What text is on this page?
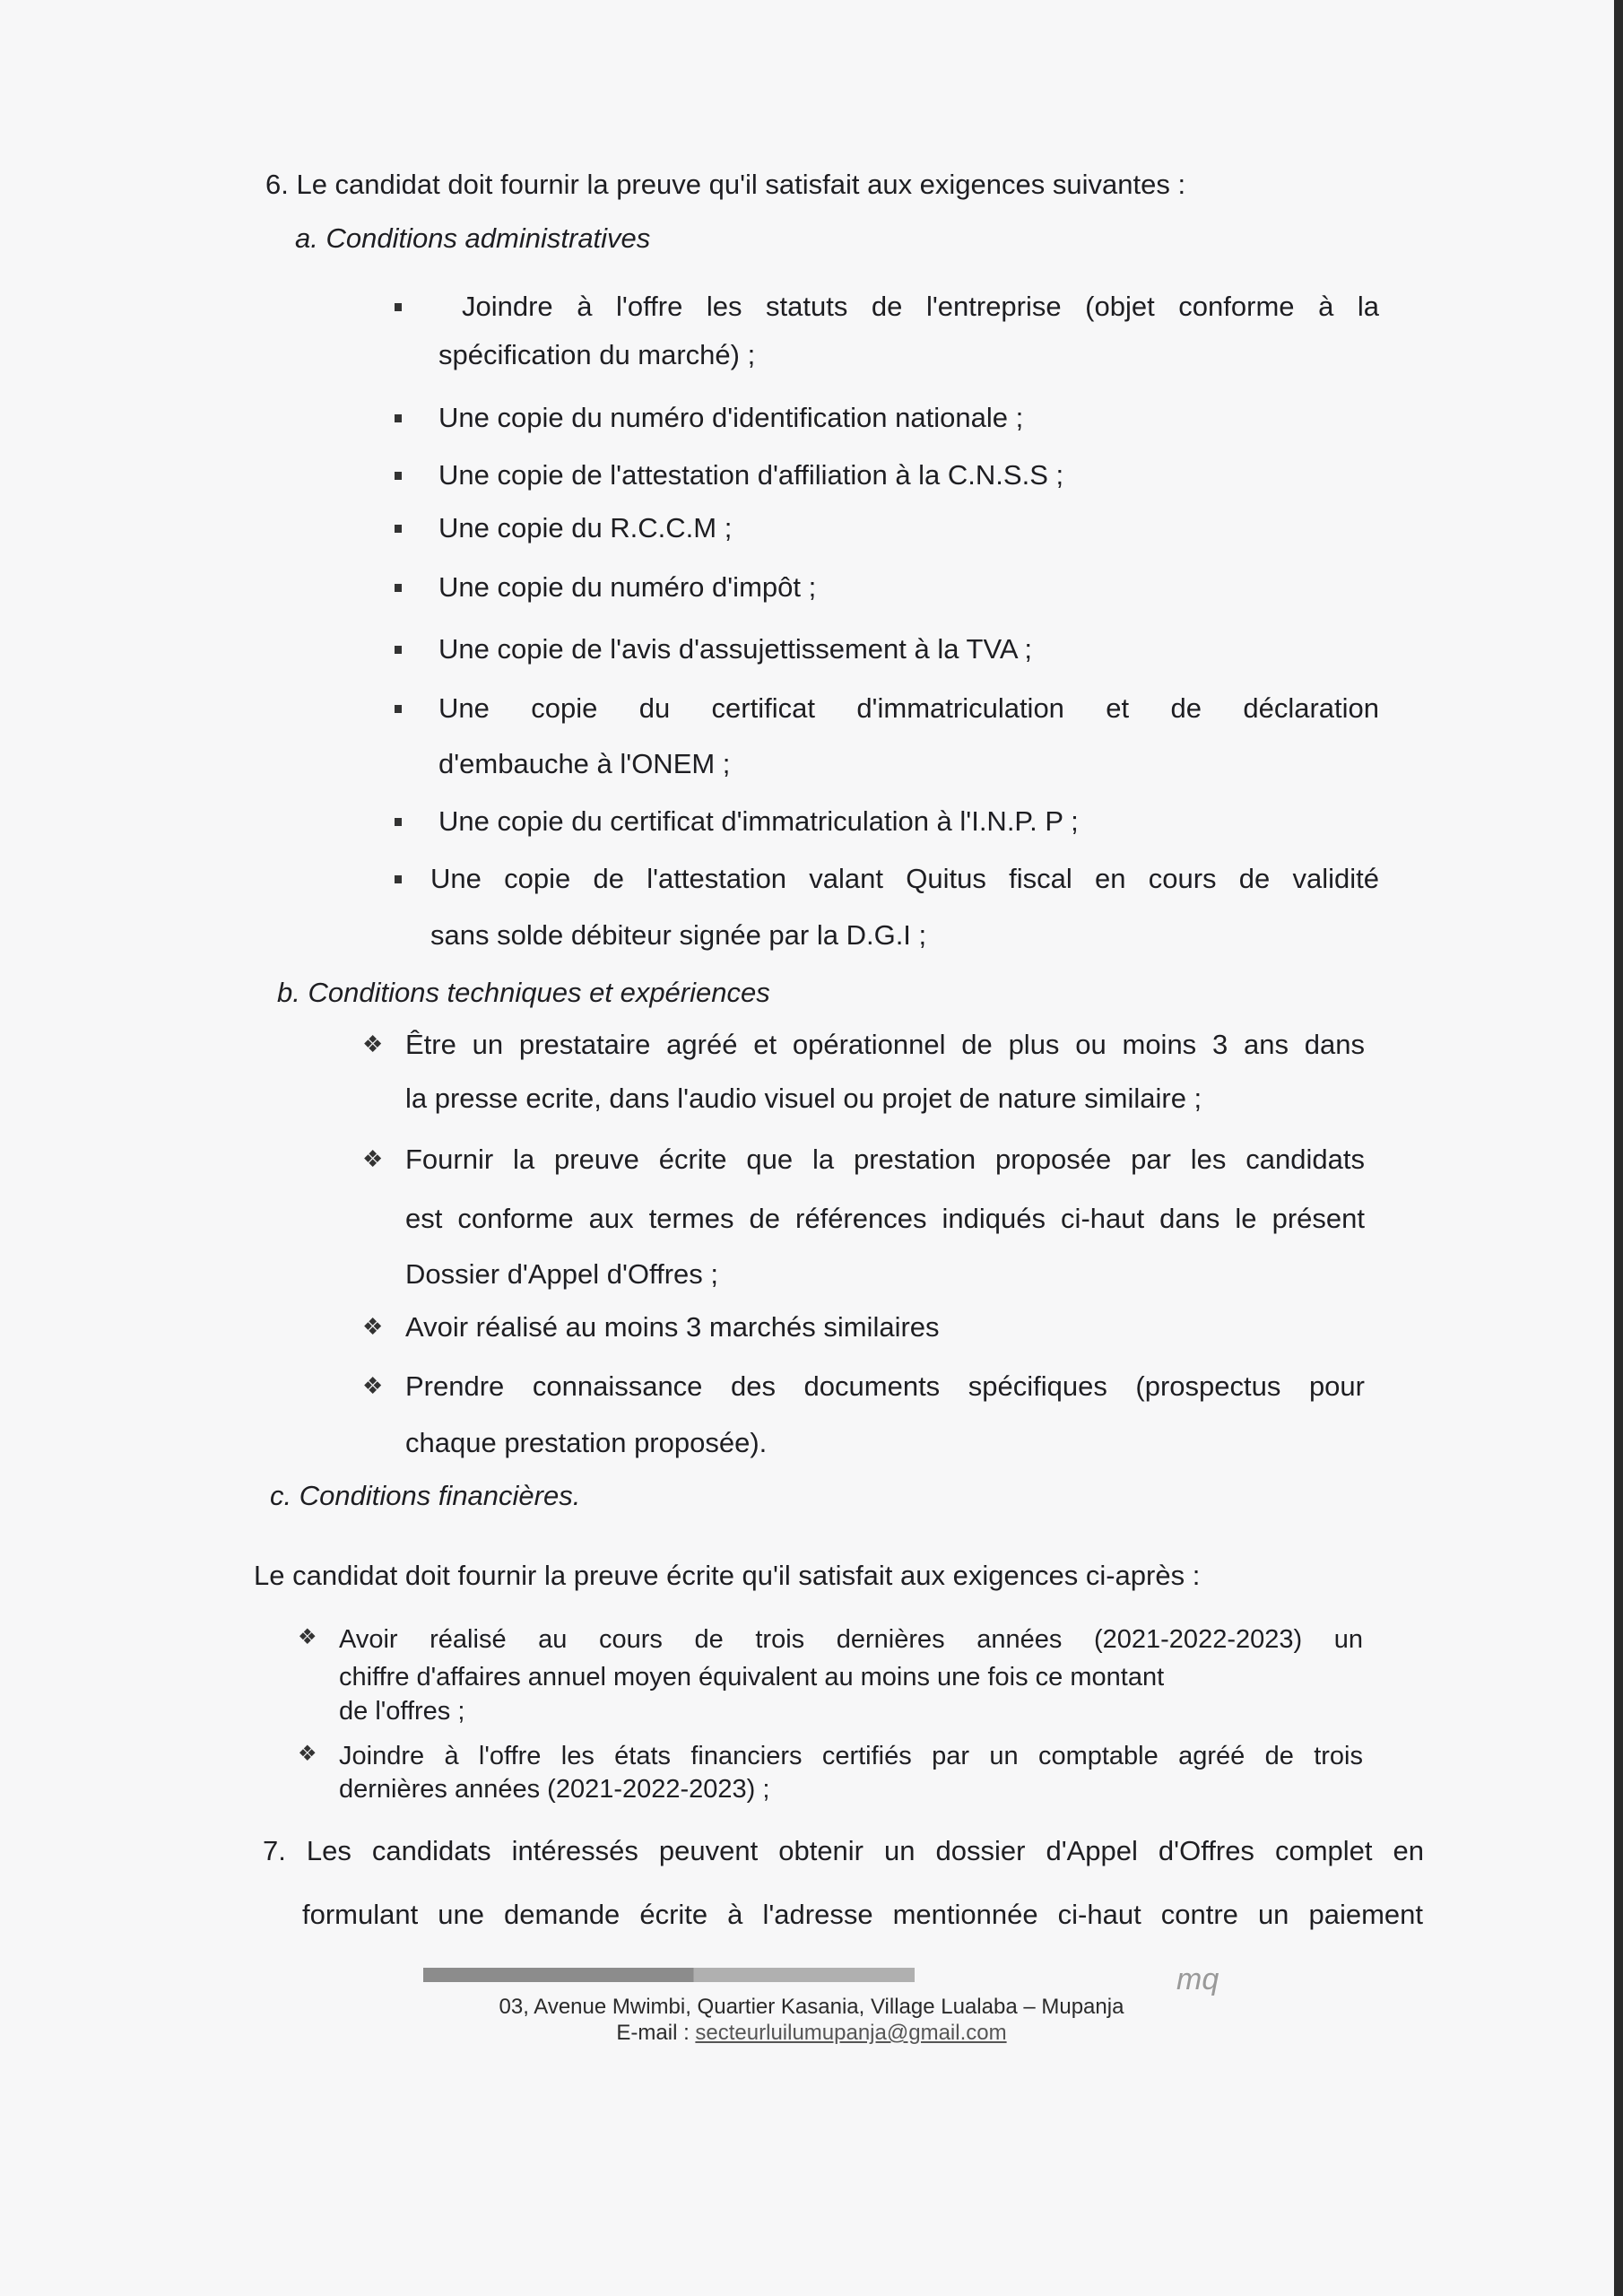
6. Le candidat doit fournir la preuve qu'il satisfait aux exigences suivantes :
a. Conditions administratives
Joindre à l'offre les statuts de l'entreprise (objet conforme à la
spécification du marché) ;
Une copie du numéro d'identification nationale ;
Une copie de l'attestation d'affiliation à la C.N.S.S ;
Une copie du R.C.C.M ;
Une copie du numéro d'impôt ;
Une copie de l'avis d'assujettissement à la TVA ;
Une copie du certificat d'immatriculation et de déclaration
d'embauche à l'ONEM ;
Une copie du certificat d'immatriculation à l'I.N.P. P ;
Une copie de l'attestation valant Quitus fiscal en cours de validité
sans solde débiteur signée par la D.G.I ;
b. Conditions techniques et expériences
❖ Être un prestataire agréé et opérationnel de plus ou moins 3 ans dans
la presse ecrite, dans l'audio visuel ou projet de nature similaire ;
❖ Fournir la preuve écrite que la prestation proposée par les candidats
est conforme aux termes de références indiqués ci-haut dans le présent
Dossier d'Appel d'Offres ;
❖ Avoir réalisé au moins 3 marchés similaires
❖ Prendre connaissance des documents spécifiques (prospectus pour
chaque prestation proposée).
c. Conditions financières.
Le candidat doit fournir la preuve écrite qu'il satisfait aux exigences ci-après :
❖ Avoir réalisé au cours de trois dernières années (2021-2022-2023) un
chiffre d'affaires annuel moyen équivalent au moins une fois ce montant
de l'offres ;
❖ Joindre à l'offre les états financiers certifiés par un comptable agréé de trois
dernières années (2021-2022-2023) ;
7. Les candidats intéressés peuvent obtenir un dossier d'Appel d'Offres complet en
formulant une demande écrite à l'adresse mentionnée ci-haut contre un paiement
mq
03, Avenue Mwimbi, Quartier Kasania, Village Lualaba – Mupanja
E-mail : secteurluilumupanja@gmail.com
